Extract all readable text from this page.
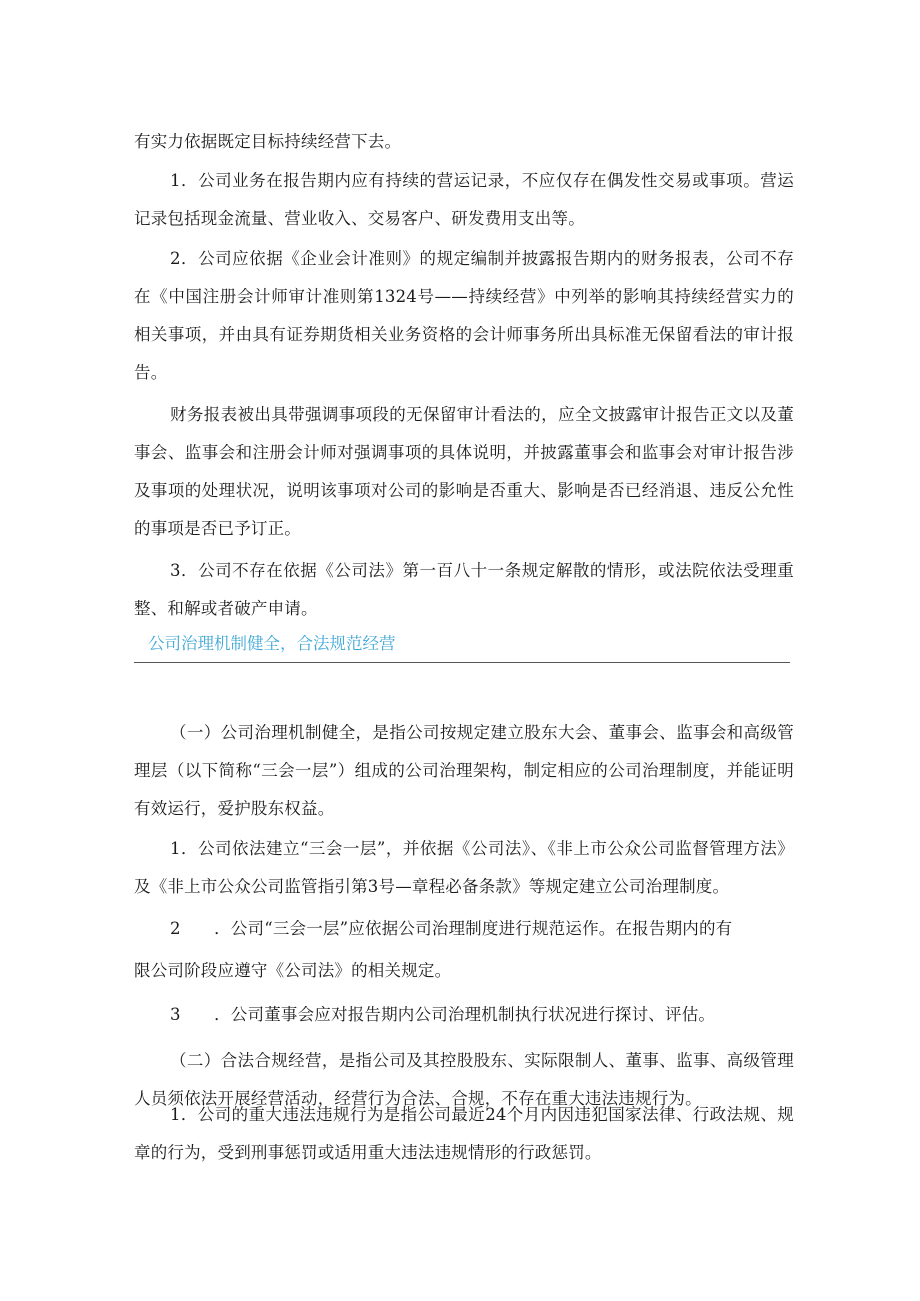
有实力依据既定目标持续经营下去。

1．公司业务在报告期内应有持续的营运记录，不应仅存在偶发性交易或事项。营运记录包括现金流量、营业收入、交易客户、研发费用支出等。

2．公司应依据《企业会计准则》的规定编制并披露报告期内的财务报表，公司不存在《中国注册会计师审计准则第1324号——持续经营》中列举的影响其持续经营实力的相关事项，并由具有证券期货相关业务资格的会计师事务所出具标准无保留看法的审计报告。

财务报表被出具带强调事项段的无保留审计看法的，应全文披露审计报告正文以及董事会、监事会和注册会计师对强调事项的具体说明，并披露董事会和监事会对审计报告涉及事项的处理状况，说明该事项对公司的影响是否重大、影响是否已经消退、违反公允性的事项是否已予订正。

3．公司不存在依据《公司法》第一百八十一条规定解散的情形，或法院依法受理重整、和解或者破产申请。

公司治理机制健全，合法规范经营

（一）公司治理机制健全，是指公司按规定建立股东大会、董事会、监事会和高级管理层（以下简称“三会一层”）组成的公司治理架构，制定相应的公司治理制度，并能证明有效运行，爱护股东权益。

1．公司依法建立“三会一层”，并依据《公司法》、《非上市公众公司监督管理方法》及《非上市公众公司监管指引第3号—章程必备条款》等规定建立公司治理制度。

2　　．公司“三会一层”应依据公司治理制度进行规范运作。在报告期内的有

限公司阶段应遵守《公司法》的相关规定。

3　　．公司董事会应对报告期内公司治理机制执行状况进行探讨、评估。

（二）合法合规经营，是指公司及其控股股东、实际限制人、董事、监事、高级管理人员须依法开展经营活动，经营行为合法、合规，不存在重大违法违规行为。

1．公司的重大违法违规行为是指公司最近24个月内因违犯国家法律、行政法规、规章的行为，受到刑事惩罚或适用重大违法违规情形的行政惩罚。
